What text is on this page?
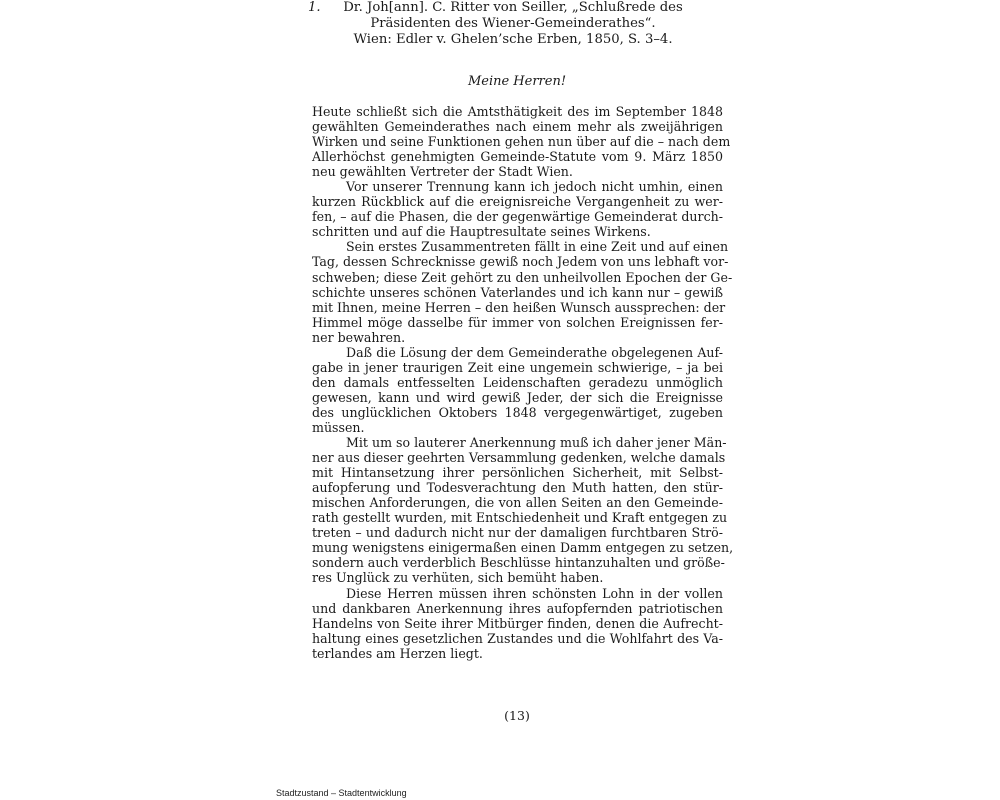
1.	Dr. Joh[ann]. C. Ritter von Seiller, „Schlußrede des
Präsidenten des Wiener-Gemeinderathes“.
Wien: Edler v. Ghelen’sche Erben, 1850, S. 3–4.
Meine Herren!
Heute schließt sich die Amtsthätigkeit des im September 1848
gewählten Gemeinderathes nach einem mehr als zweijährigen
Wirken und seine Funktionen gehen nun über auf die – nach dem
Allerhöchst genehmigten Gemeinde-Statute vom 9. März 1850
neu gewählten Vertreter der Stadt Wien.
Vor unserer Trennung kann ich jedoch nicht umhin, einen
kurzen Rückblick auf die ereignisreiche Vergangenheit zu wer-
fen, – auf die Phasen, die der gegenwärtige Gemeinderat durch-
schritten und auf die Hauptresultate seines Wirkens.
Sein erstes Zusammentreten fällt in eine Zeit und auf einen
Tag, dessen Schrecknisse gewiß noch Jedem von uns lebhaft vor-
schweben; diese Zeit gehört zu den unheilvollen Epochen der Ge-
schichte unseres schönen Vaterlandes und ich kann nur – gewiß
mit Ihnen, meine Herren – den heißen Wunsch aussprechen: der
Himmel möge dasselbe für immer von solchen Ereignissen fer-
ner bewahren.
Daß die Lösung der dem Gemeinderathe obgelegenen Auf-
gabe in jener traurigen Zeit eine ungemein schwierige, – ja bei
den damals entfesselten Leidenschaften geradezu unmöglich
gewesen, kann und wird gewiß Jeder, der sich die Ereignisse
des unglücklichen Oktobers 1848 vergegenwärtiget, zugeben
müssen.
Mit um so lauterer Anerkennung muß ich daher jener Män-
ner aus dieser geehrten Versammlung gedenken, welche damals
mit Hintansetzung ihrer persönlichen Sicherheit, mit Selbst-
aufopferung und Todesverachtung den Muth hatten, den stür-
mischen Anforderungen, die von allen Seiten an den Gemeinde-
rath gestellt wurden, mit Entschiedenheit und Kraft entgegen zu
treten – und dadurch nicht nur der damaligen furchtbaren Strö-
mung wenigstens einigermaßen einen Damm entgegen zu setzen,
sondern auch verderblich Beschlüsse hintanzuhalten und größe-
res Unglück zu verhüten, sich bemüht haben.
Diese Herren müssen ihren schönsten Lohn in der vollen
und dankbaren Anerkennung ihres aufopfernden patriotischen
Handelns von Seite ihrer Mitbürger finden, denen die Aufrecht-
haltung eines gesetzlichen Zustandes und die Wohlfahrt des Va-
terlandes am Herzen liegt.
(13)
Stadtzustand – Stadtentwicklung
